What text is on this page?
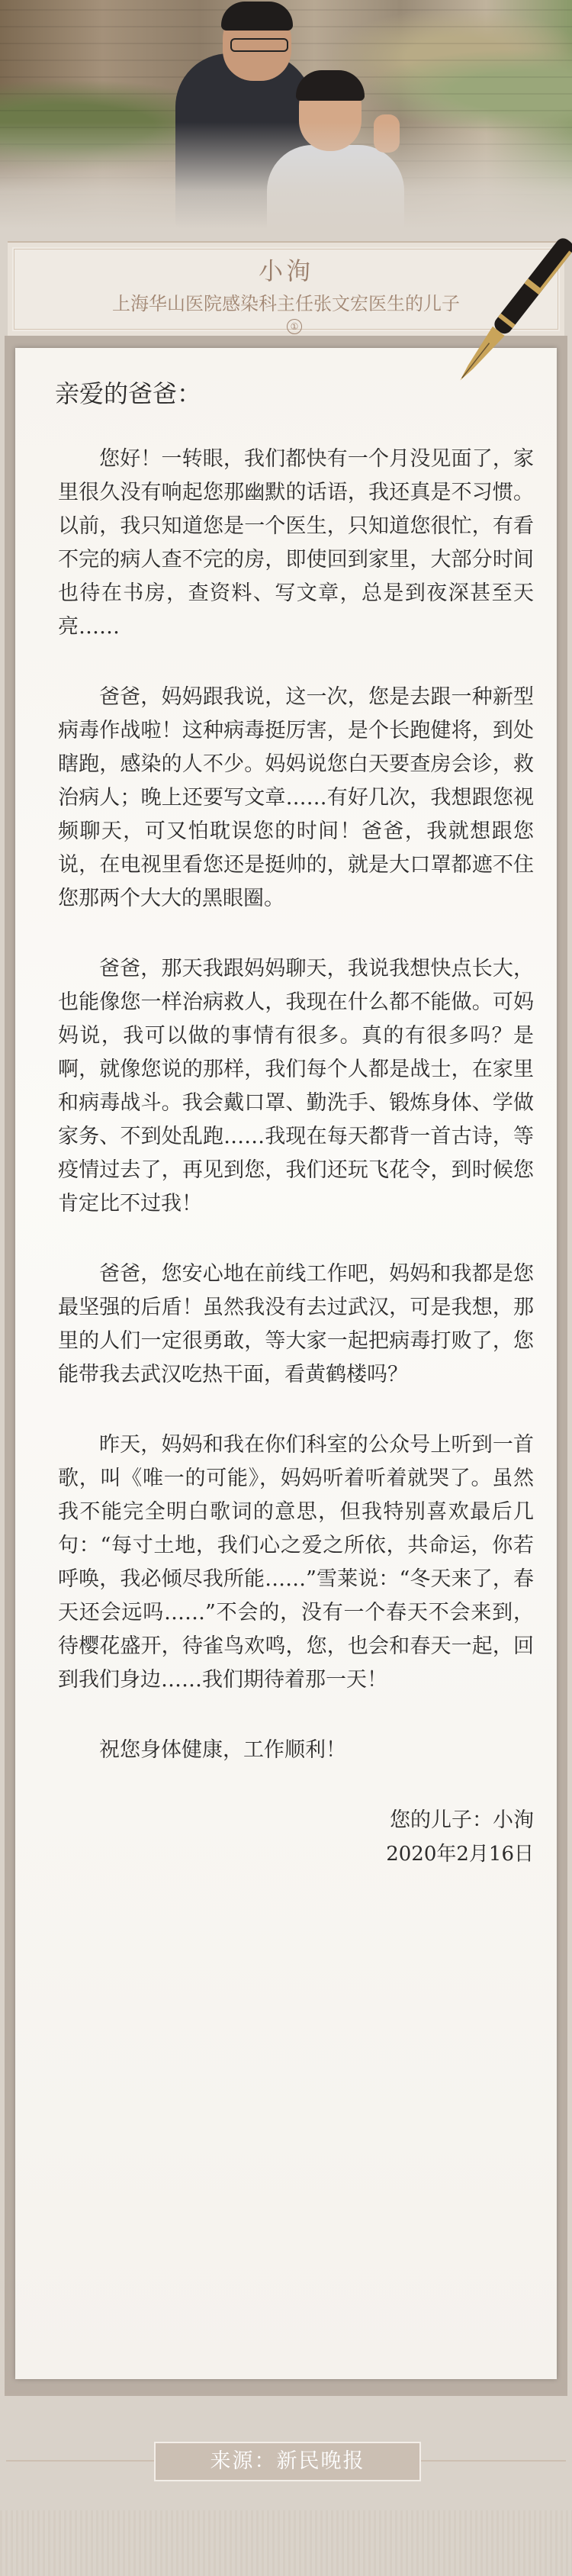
小洵
上海华山医院感染科主任张文宏医生的儿子
①

亲爱的爸爸：

您好！一转眼，我们都快有一个月没见面了，家里很久没有响起您那幽默的话语，我还真是不习惯。以前，我只知道您是一个医生，只知道您很忙，有看不完的病人查不完的房，即使回到家里，大部分时间也待在书房，查资料、写文章，总是到夜深甚至天亮……

爸爸，妈妈跟我说，这一次，您是去跟一种新型病毒作战啦！这种病毒挺厉害，是个长跑健将，到处瞎跑，感染的人不少。妈妈说您白天要查房会诊，救治病人；晚上还要写文章……有好几次，我想跟您视频聊天，可又怕耽误您的时间！爸爸，我就想跟您说，在电视里看您还是挺帅的，就是大口罩都遮不住您那两个大大的黑眼圈。

爸爸，那天我跟妈妈聊天，我说我想快点长大，也能像您一样治病救人，我现在什么都不能做。可妈妈说，我可以做的事情有很多。真的有很多吗？是啊，就像您说的那样，我们每个人都是战士，在家里和病毒战斗。我会戴口罩、勤洗手、锻炼身体、学做家务、不到处乱跑……我现在每天都背一首古诗，等疫情过去了，再见到您，我们还玩飞花令，到时候您肯定比不过我！

爸爸，您安心地在前线工作吧，妈妈和我都是您最坚强的后盾！虽然我没有去过武汉，可是我想，那里的人们一定很勇敢，等大家一起把病毒打败了，您能带我去武汉吃热干面，看黄鹤楼吗？

昨天，妈妈和我在你们科室的公众号上听到一首歌，叫《唯一的可能》，妈妈听着听着就哭了。虽然我不能完全明白歌词的意思，但我特别喜欢最后几句：“每寸土地，我们心之爱之所依，共命运，你若呼唤，我必倾尽我所能……”雪莱说：“冬天来了，春天还会远吗……”不会的，没有一个春天不会来到，待樱花盛开，待雀鸟欢鸣，您，也会和春天一起，回到我们身边……我们期待着那一天！

祝您身体健康，工作顺利！

您的儿子：小洵

2020年2月16日

来源：新民晚报
